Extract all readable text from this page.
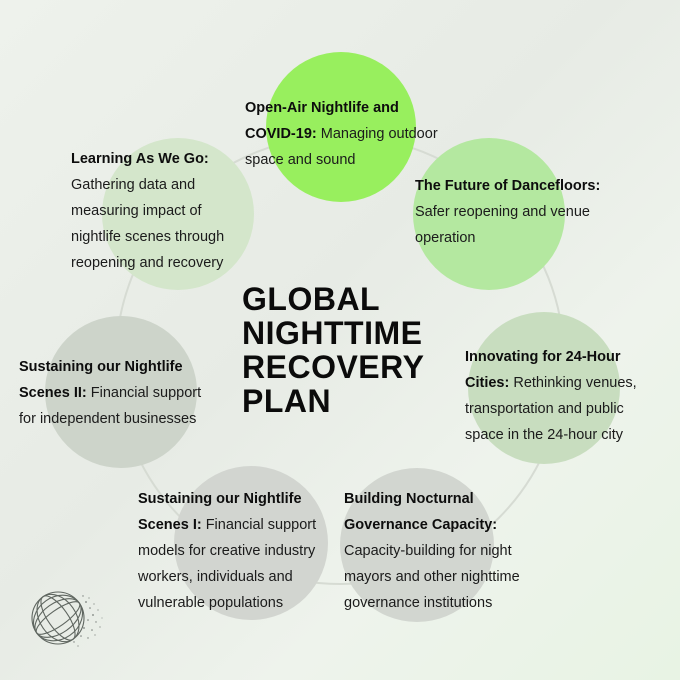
Open-Air Nightlife and COVID-19: Managing outdoor space and sound
The Future of Dancefloors: Safer reopening and venue operation
Innovating for 24-Hour Cities: Rethinking venues, transportation and public space in the 24-hour city
Building Nocturnal Governance Capacity: Capacity-building for night mayors and other nighttime governance institutions
Sustaining our Nightlife Scenes I: Financial support models for creative industry workers, individuals and vulnerable populations
Sustaining our Nightlife Scenes II: Financial support for independent businesses
Learning As We Go: Gathering data and measuring impact of nightlife scenes through reopening and recovery
GLOBAL
NIGHTTIME
RECOVERY
PLAN
